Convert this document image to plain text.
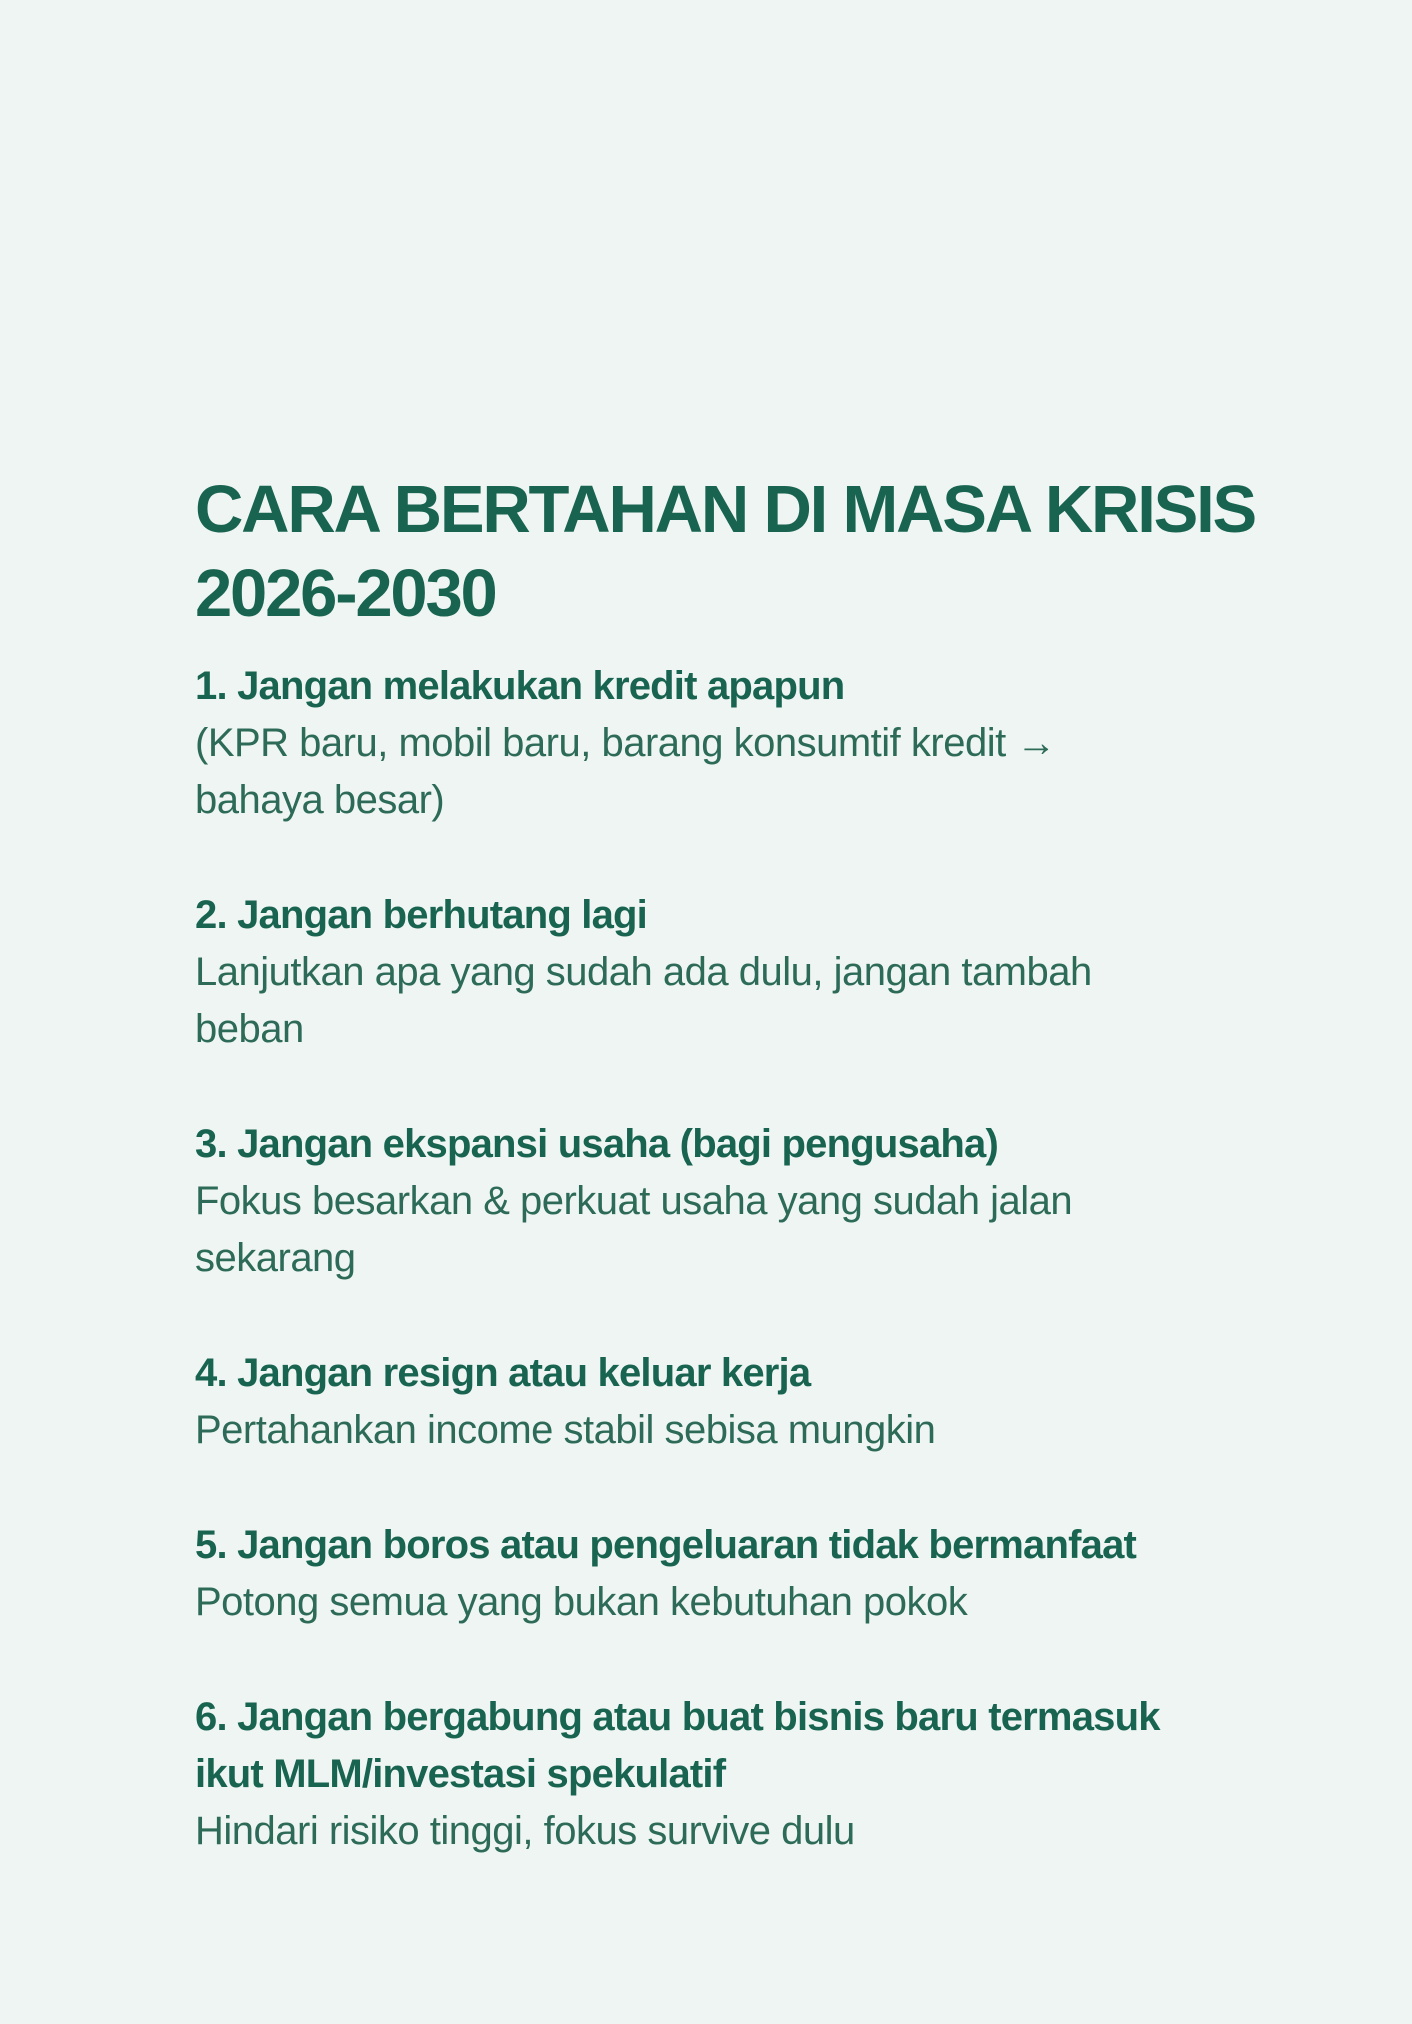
CARA BERTAHAN DI MASA KRISIS
2026-2030
1. Jangan melakukan kredit apapun
(KPR baru, mobil baru, barang konsumtif kredit →
bahaya besar)
2. Jangan berhutang lagi
Lanjutkan apa yang sudah ada dulu, jangan tambah
beban
3. Jangan ekspansi usaha (bagi pengusaha)
Fokus besarkan & perkuat usaha yang sudah jalan
sekarang
4. Jangan resign atau keluar kerja
Pertahankan income stabil sebisa mungkin
5. Jangan boros atau pengeluaran tidak bermanfaat
Potong semua yang bukan kebutuhan pokok
6. Jangan bergabung atau buat bisnis baru termasuk
ikut MLM/investasi spekulatif
Hindari risiko tinggi, fokus survive dulu
